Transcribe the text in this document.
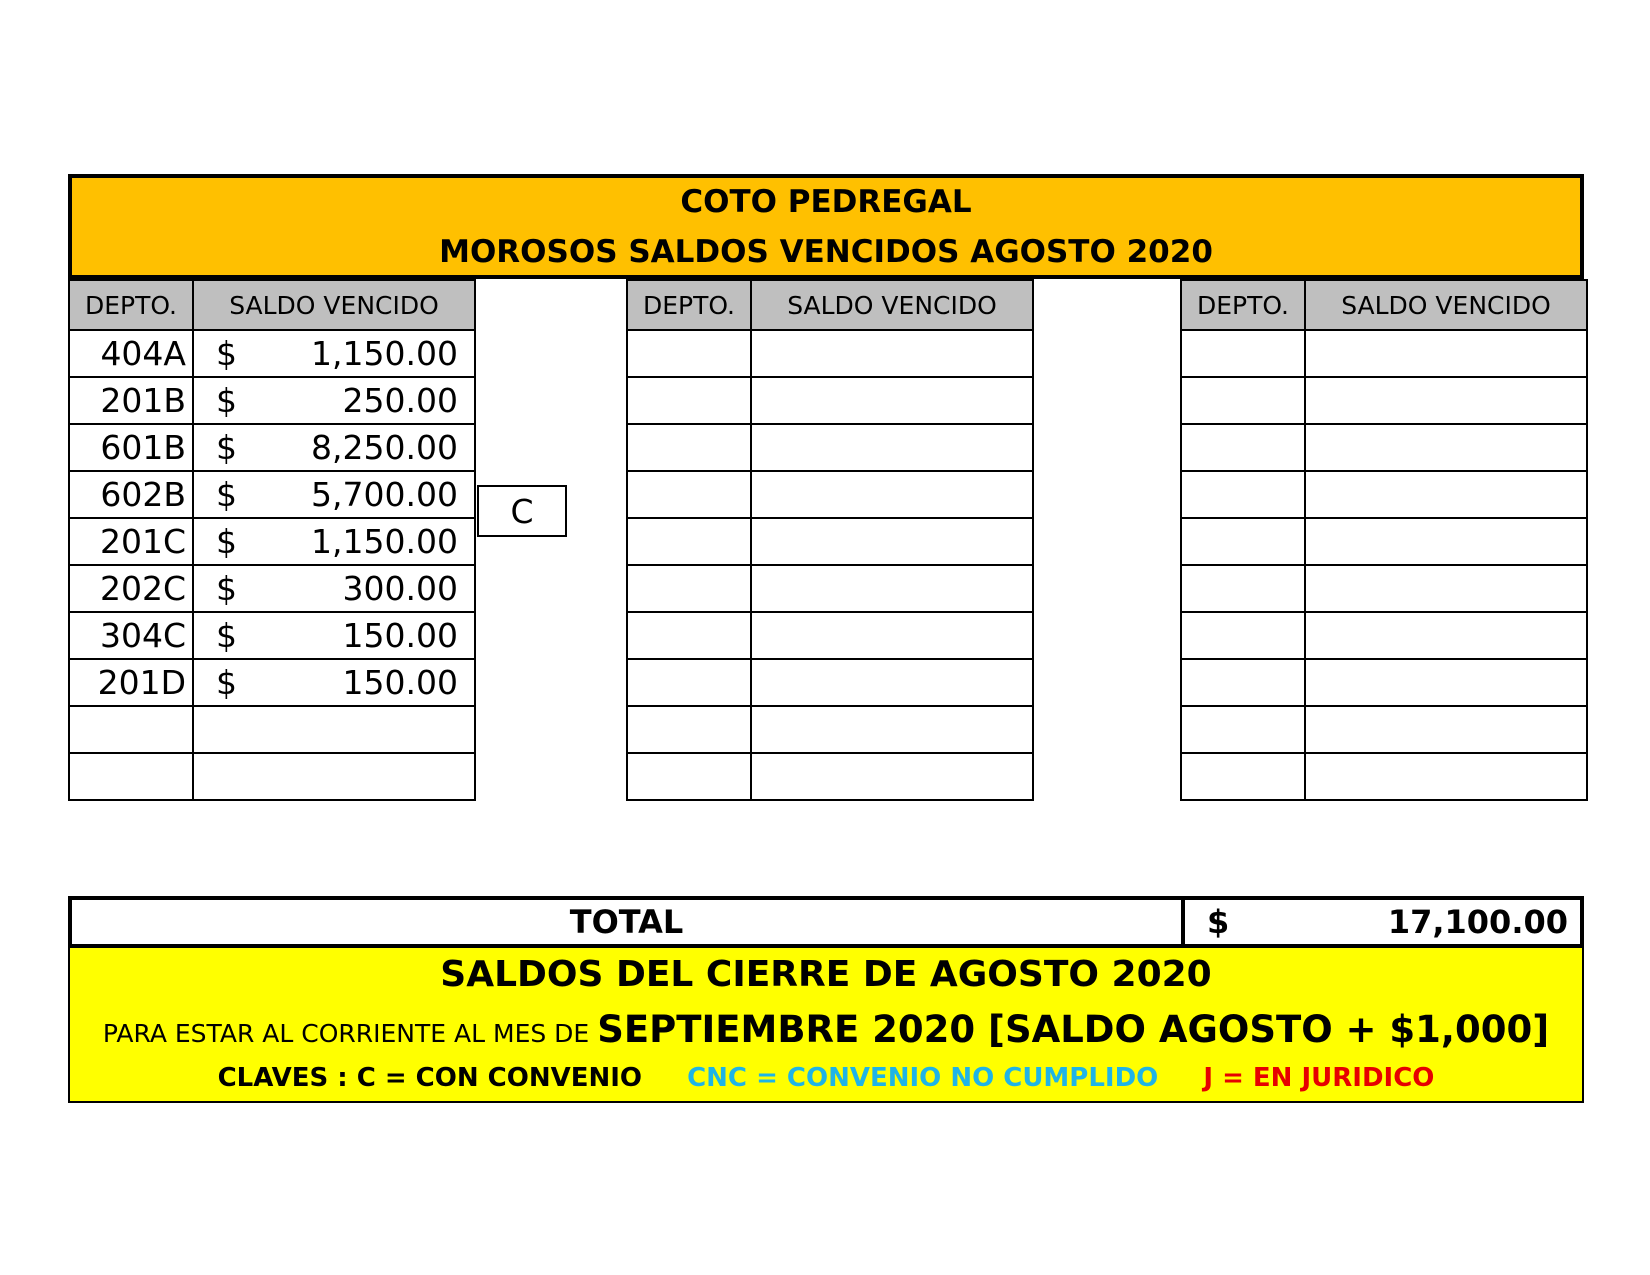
COTO PEDREGAL
MOROSOS SALDOS VENCIDOS AGOSTO 2020
DEPTO.	SALDO VENCIDO
404A	$ 1,150.00

201B	$ 250.00

601B	$ 8,250.00

602B	$ 5,700.00

201C	$ 1,150.00

202C	$ 300.00

304C	$ 150.00

201D	$ 150.00

C
DEPTO.	SALDO VENCIDO

		DEPTO.	SALDO VENCIDO

TOTAL	$	17,100.00
SALDOS DEL CIERRE DE AGOSTO 2020
PARA ESTAR AL CORRIENTE AL MES DE SEPTIEMBRE 2020 [SALDO AGOSTO + $1,000]
CLAVES : C = CON CONVENIO CNC = CONVENIO NO CUMPLIDO J = EN JURIDICO
